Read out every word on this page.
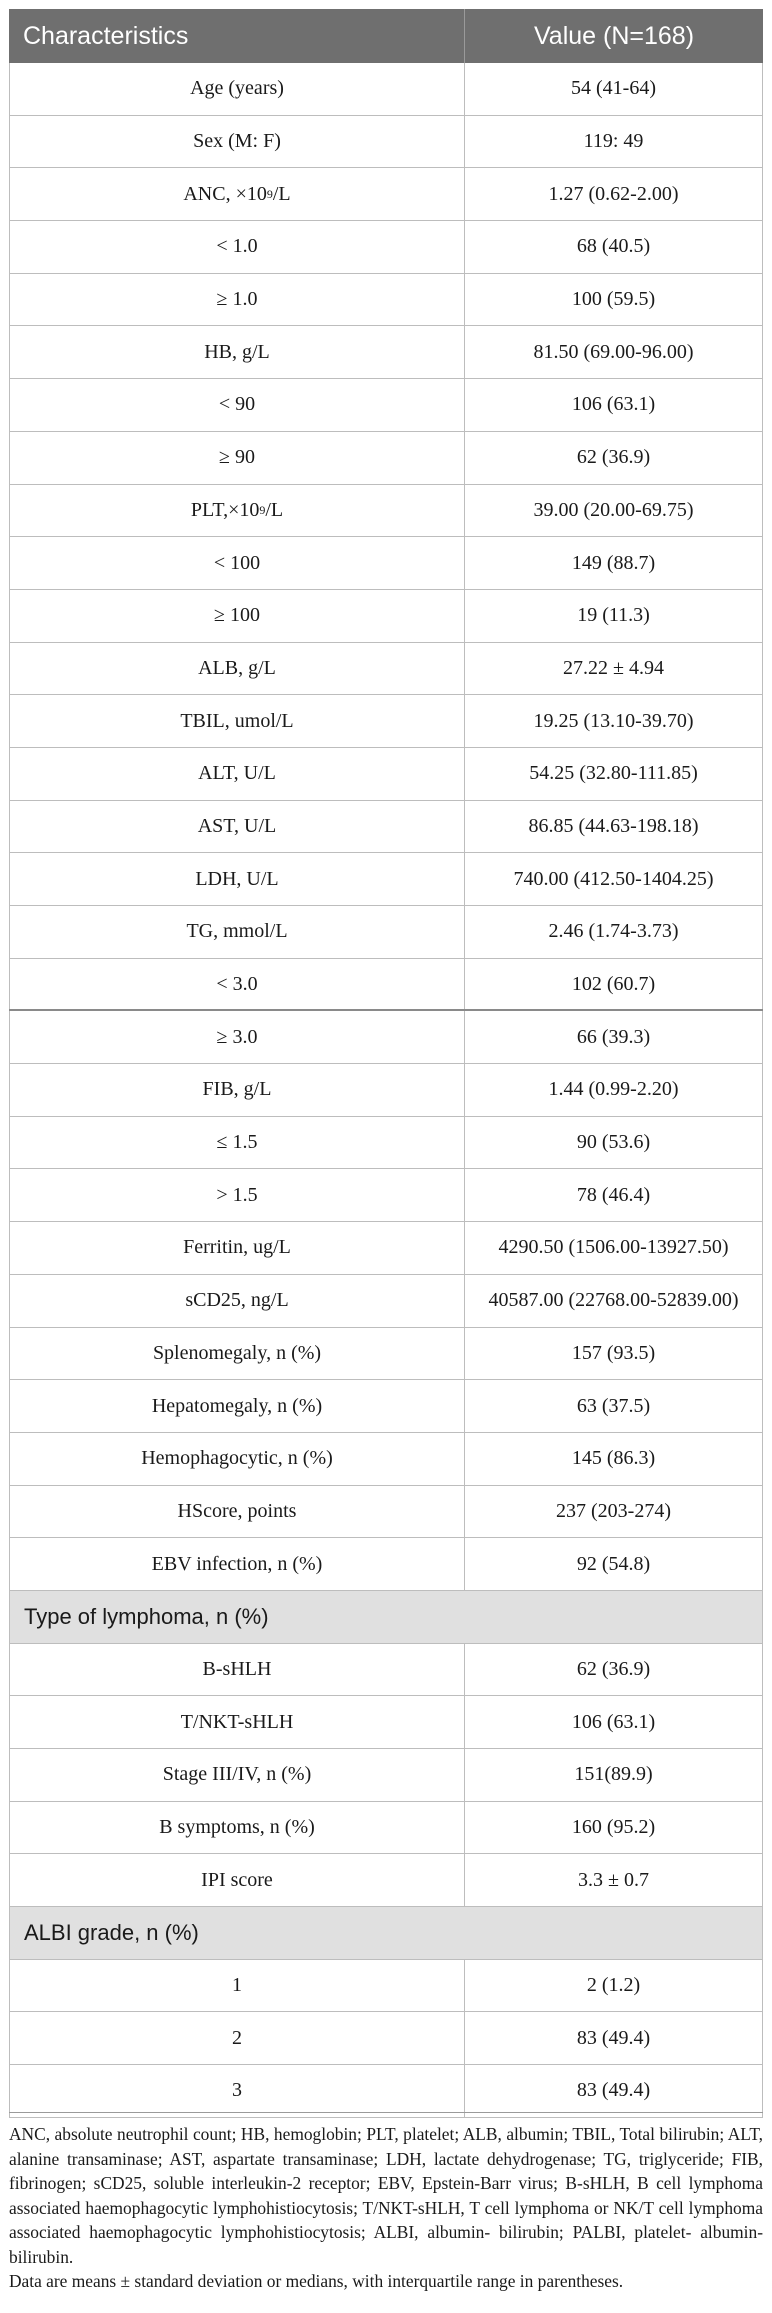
Characteristics	Value (N=168)
Age (years)	54 (41-64)
Sex (M: F)	119: 49
ANC, ×10 9 /L	1.27 (0.62-2.00)
< 1.0	68 (40.5)
≥ 1.0	100 (59.5)
HB, g/L	81.50 (69.00-96.00)
< 90	106 (63.1)
≥ 90	62 (36.9)
PLT,×10 9 /L	39.00 (20.00-69.75)
< 100	149 (88.7)
≥ 100	19 (11.3)
ALB, g/L	27.22 ± 4.94
TBIL, umol/L	19.25 (13.10-39.70)
ALT, U/L	54.25 (32.80-111.85)
AST, U/L	86.85 (44.63-198.18)
LDH, U/L	740.00 (412.50-1404.25)
TG, mmol/L	2.46 (1.74-3.73)
< 3.0	102 (60.7)
≥ 3.0	66 (39.3)
FIB, g/L	1.44 (0.99-2.20)
≤ 1.5	90 (53.6)
> 1.5	78 (46.4)
Ferritin, ug/L	4290.50 (1506.00-13927.50)
sCD25, ng/L	40587.00 (22768.00-52839.00)
Splenomegaly, n (%)	157 (93.5)
Hepatomegaly, n (%)	63 (37.5)
Hemophagocytic, n (%)	145 (86.3)
HScore, points	237 (203-274)
EBV infection, n (%)	92 (54.8)
Type of lymphoma, n (%)
B-sHLH	62 (36.9)
T/NKT-sHLH	106 (63.1)
Stage III/IV, n (%)	151(89.9)
B symptoms, n (%)	160 (95.2)
IPI score	3.3 ± 0.7
ALBI grade, n (%)
1	2 (1.2)
2	83 (49.4)
3	83 (49.4)

ANC, absolute neutrophil count; HB, hemoglobin; PLT, platelet; ALB, albumin; TBIL, Total bilirubin; ALT, alanine transaminase; AST, aspartate transaminase; LDH, lactate dehydrogenase; TG, triglyceride; FIB, fibrinogen; sCD25, soluble interleukin-2 receptor; EBV, Epstein-Barr virus; B-sHLH, B cell lymphoma associated haemophagocytic lymphohistiocytosis; T/NKT-sHLH, T cell lymphoma or NK/T cell lymphoma associated haemophagocytic lymphohistiocytosis; ALBI, albumin- bilirubin; PALBI, platelet- albumin- bilirubin.

Data are means ± standard deviation or medians, with interquartile range in parentheses.
